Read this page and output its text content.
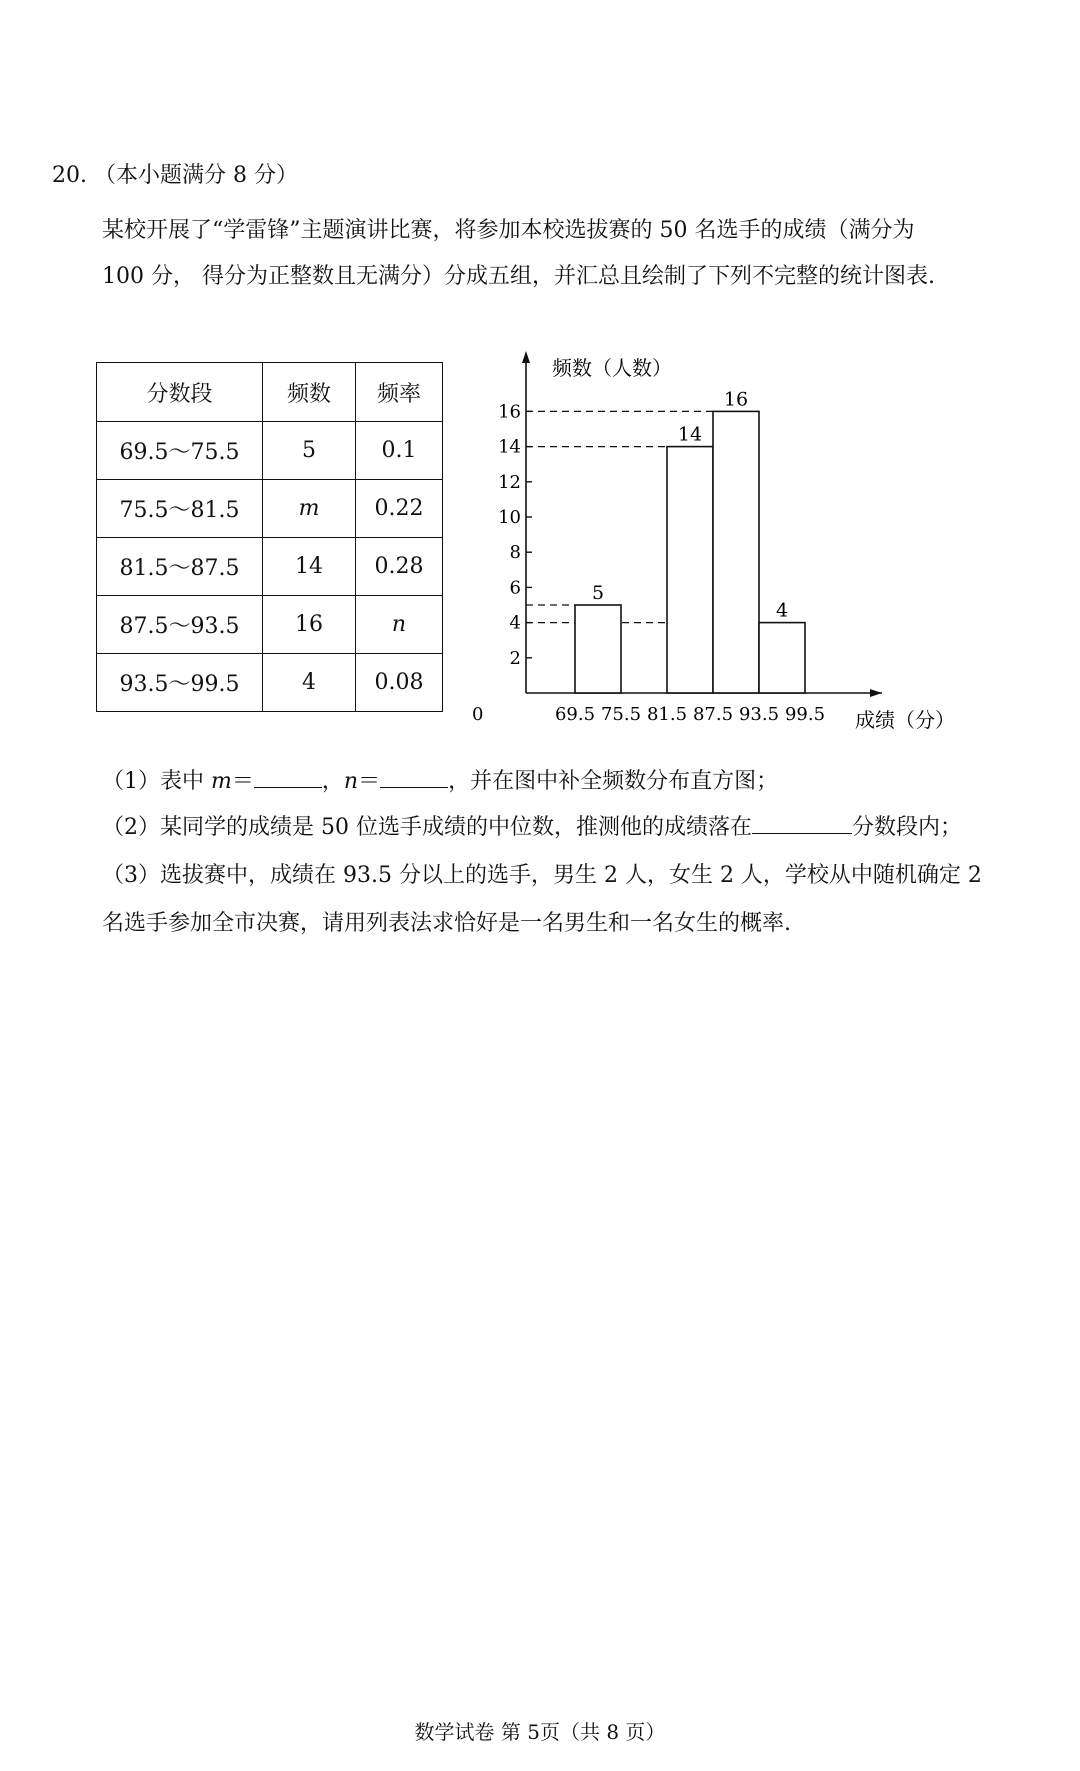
20. （本小题满分 8 分）
某校开展了“学雷锋”主题演讲比赛，将参加本校选拔赛的 50 名选手的成绩（满分为
100 分， 得分为正整数且无满分）分成五组，并汇总且绘制了下列不完整的统计图表.
分数段	频数	频率
69.5～75.5	5	0.1
75.5～81.5	m	0.22
81.5～87.5	14	0.28
87.5～93.5	16	n
93.5～99.5	4	0.08
频数（人数）
成绩（分）
0
2
4
6
8
10
12
14
16
69.5 75.5 81.5 87.5 93.5 99.5
5
14
16
4
（1）表中 m＝	，n＝	，并在图中补全频数分布直方图；
（2）某同学的成绩是 50 位选手成绩的中位数，推测他的成绩落在	分数段内；
（3）选拔赛中，成绩在 93.5 分以上的选手，男生 2 人，女生 2 人，学校从中随机确定 2
名选手参加全市决赛，请用列表法求恰好是一名男生和一名女生的概率.
数学试卷 第 5页（共 8 页）
